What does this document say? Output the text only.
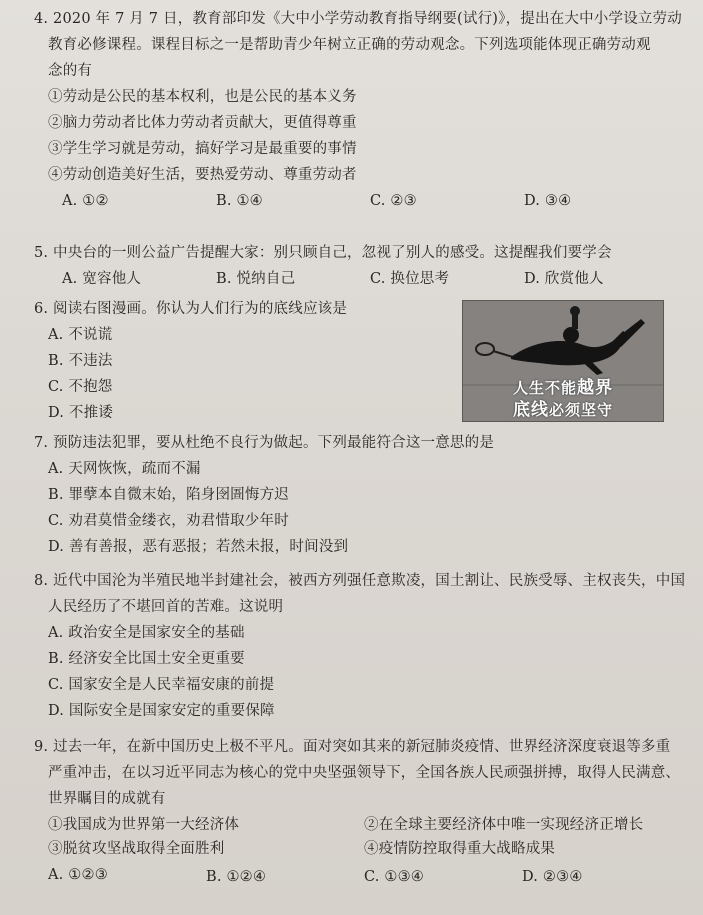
4. 2020 年 7 月 7 日，教育部印发《大中小学劳动教育指导纲要(试行)》，提出在大中小学设立劳动
教育必修课程。课程目标之一是帮助青少年树立正确的劳动观念。下列选项能体现正确劳动观
念的有
①劳动是公民的基本权利，也是公民的基本义务
②脑力劳动者比体力劳动者贡献大，更值得尊重
③学生学习就是劳动，搞好学习是最重要的事情
④劳动创造美好生活，要热爱劳动、尊重劳动者
A. ①②	B. ①④	C. ②③	D. ③④
5. 中央台的一则公益广告提醒大家：别只顾自己，忽视了别人的感受。这提醒我们要学会
A. 宽容他人	B. 悦纳自己	C. 换位思考	D. 欣赏他人
6. 阅读右图漫画。你认为人们行为的底线应该是
A. 不说谎
B. 不违法
C. 不抱怨
D. 不推诿
人生不能越界
底线必须坚守
7. 预防违法犯罪，要从杜绝不良行为做起。下列最能符合这一意思的是
A. 天网恢恢，疏而不漏
B. 罪孽本自微末始，陷身囹圄悔方迟
C. 劝君莫惜金缕衣，劝君惜取少年时
D. 善有善报，恶有恶报；若然未报，时间没到
8. 近代中国沦为半殖民地半封建社会，被西方列强任意欺凌，国土割让、民族受辱、主权丧失，中国
人民经历了不堪回首的苦难。这说明
A. 政治安全是国家安全的基础
B. 经济安全比国土安全更重要
C. 国家安全是人民幸福安康的前提
D. 国际安全是国家安定的重要保障
9. 过去一年，在新中国历史上极不平凡。面对突如其来的新冠肺炎疫情、世界经济深度衰退等多重
严重冲击，在以习近平同志为核心的党中央坚强领导下，全国各族人民顽强拼搏，取得人民满意、
世界瞩目的成就有
①我国成为世界第一大经济体	②在全球主要经济体中唯一实现经济正增长
③脱贫攻坚战取得全面胜利	④疫情防控取得重大战略成果
A. ①②③	B. ①②④	C. ①③④	D. ②③④
